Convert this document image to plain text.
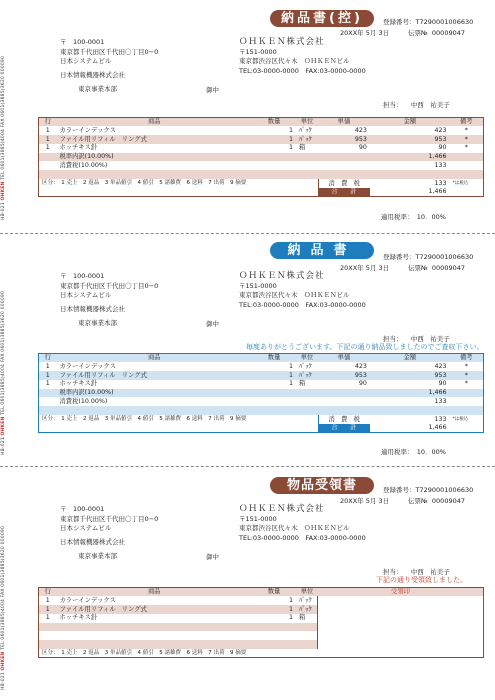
HB-021 OHKEN TEL 0601(3885)4004 FAX 0601(3885)3620 000090
HB-021 OHKEN TEL 0601(3885)4004 FAX 0601(3885)3620 000090
HB-021 OHKEN TEL 0601(3885)4004 FAX 0601(3885)3620 000090
納品書(控)	登録番号：T7290001006630
20XX年 5月 3日	伝票№ 00009047
〒　100-0001
東京都千代田区千代田〇丁目0−0
日本システムビル
日本情報機器株式会社
東京事業本部	御中
ＯＨＫＥＮ株式会社
〒151-0000
東京都渋谷区代々木　ＯＨＫＥＮビル
TEL:03-0000-0000　FAX:03-0000-0000
担当： 中西　祐美子
行	商品	数量	単位	単価	金額	備考
1	カラーインデックス	1	ﾊﾟｯｸ	423	423	*
1	ファイル用リフィル　リング式	1	ﾊﾟｯｸ	953	953	*
1	ホッチキス針	1	箱	90	90	*
	税率内訳(10.00%)				1,466	
	消費税(10.00%)				133	

区分：　1 売上　2 返品　3 単品値引　4 値引　5 諸雑費　6 送料　7 出荷　9 摘要				消　費　税	133	*は税込
				合　　計	1,466	
適用税率：　10．00%
納品書	登録番号：T7290001006630
20XX年 5月 3日	伝票№ 00009047
〒　100-0001
東京都千代田区千代田〇丁目0−0
日本システムビル
日本情報機器株式会社
東京事業本部	御中
ＯＨＫＥＮ株式会社
〒151-0000
東京都渋谷区代々木　ＯＨＫＥＮビル
TEL:03-0000-0000　FAX:03-0000-0000
担当： 中西　祐美子
毎度ありがとうございます。下記の通り納品致しましたのでご査収下さい。
行	商品	数量	単位	単価	金額	備考
1	カラーインデックス	1	ﾊﾟｯｸ	423	423	*
1	ファイル用リフィル　リング式	1	ﾊﾟｯｸ	953	953	*
1	ホッチキス針	1	箱	90	90	*
	税率内訳(10.00%)				1,466	
	消費税(10.00%)				133	

区分：　1 売上　2 返品　3 単品値引　4 値引　5 諸雑費　6 送料　7 出荷　9 摘要				消　費　税	133	*は税込
				合　　計	1,466	
適用税率：　10．00%
物品受領書	登録番号：T7290001006630
20XX年 5月 3日	伝票№ 00009047
〒　100-0001
東京都千代田区千代田〇丁目0−0
日本システムビル
日本情報機器株式会社
東京事業本部	御中
ＯＨＫＥＮ株式会社
〒151-0000
東京都渋谷区代々木　ＯＨＫＥＮビル
TEL:03-0000-0000　FAX:03-0000-0000
担当： 中西　祐美子
下記の通り受領致しました。
行	商品	数量	単位	受領印
1	カラーインデックス	1	ﾊﾟｯｸ	
1	ファイル用リフィル　リング式	1	ﾊﾟｯｸ	
1	ホッチキス針	1	箱	

区分：　1 売上　2 返品　3 単品値引　4 値引　5 諸雑費　6 送料　7 出荷　9 摘要				
